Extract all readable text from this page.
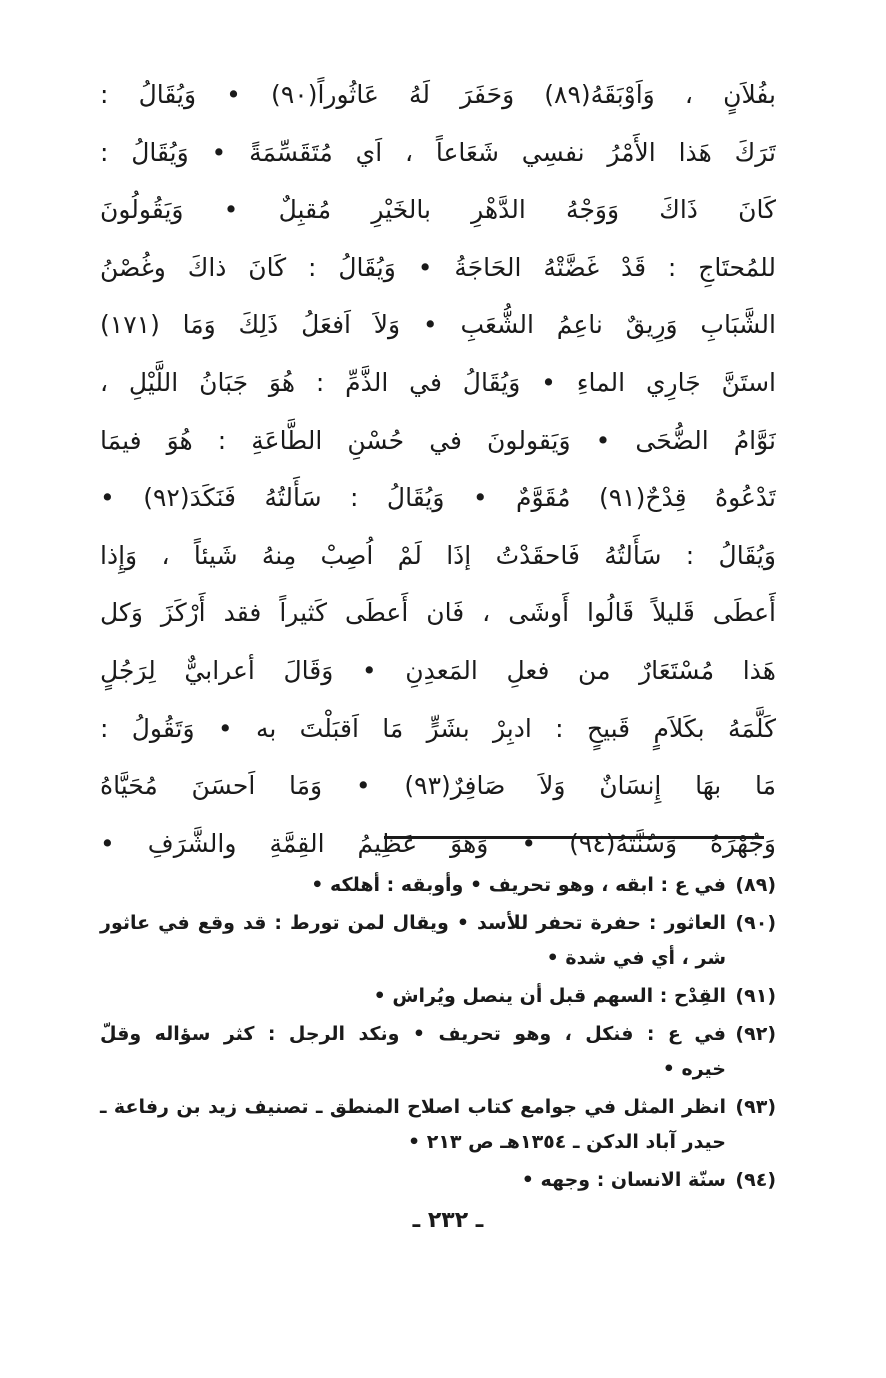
بفُلاَنٍ ، وَاَوْبَقَهُ(٨٩) وَحَفَرَ لَهُ عَاثُوراً(٩٠) • وَيُقَالُ :
تَرَكَ هَذا الأَمْرُ نفسِي شَعَاعاً ، اَي مُتَقَسِّمَةً • وَيُقَالُ :
كَانَ ذَاكَ وَوَجْهُ الدَّهْرِ بالخَيْرِ مُقبِلٌ • وَيَقُولُونَ
للمُحتَاجِ : قَدْ غَضَّتْهُ الحَاجَةُ • وَيُقَالُ : كَانَ ذاكَ وغُصْنُ
الشَّبَابِ وَرِيقٌ ناعِمُ الشُّعَبِ • وَلاَ اَفعَلُ ذَلِكَ وَمَا (١٧١)
استَنَّ جَارِي الماءِ • وَيُقَالُ في الذَّمِّ : هُوَ جَبَانُ اللَّيْلِ ،
نَوَّامُ الضُّحَى • وَيَقولونَ في حُسْنِ الطَّاعَةِ : هُوَ فيمَا
تَدْعُوهُ قِدْحٌ(٩١) مُقَوَّمٌ • وَيُقَالُ : سَأَلتُهُ فَنَكَدَ(٩٢) •
وَيُقَالُ : سَأَلتُهُ فَاحقَدْتُ إذَا لَمْ اُصِبْ مِنهُ شَيئاً ، وَإِذا
أَعطَى قَليلاً قَالُوا أَوشَى ، فَان أَعطَى كَثيراً فقد أَرْكَزَ وَكل
هَذا مُسْتَعَارٌ من فعلِ المَعدِنِ • وَقَالَ أعرابيٌّ لِرَجُلٍ
كَلَّمَهُ بكَلاَمٍ قَبيحٍ : ادبِرْ بشَرٍّ مَا اَقبَلْتَ به • وَتَقُولُ :
مَا بهَا إِنسَانٌ وَلاَ صَافِرٌ(٩٣) • وَمَا اَحسَنَ مُحَيَّاهُ
وَجُهْرَهُ وَسُنَّتَهُ(٩٤) • وَهوَ عَظِيمُ القِمَّةِ والشَّرَفِ •
(٨٩)
في ع : ابقه ، وهو تحريف • وأوبقه : أهلكه •
(٩٠)
العاثور : حفرة تحفر للأسد • ويقال لمن تورط : قد وقع في عاثور
شر ، أي في شدة •
(٩١)
القِدْح : السهم قبل أن ينصل ويُراش •
(٩٢)
في ع : فنكل ، وهو تحريف • ونكد الرجل : كثر سؤاله وقلّ
خيره •
(٩٣)
انظر المثل في جوامع كتاب اصلاح المنطق ـ تصنيف زيد بن رفاعة ـ
حيدر آباد الدكن ـ ١٣٥٤هـ ص ٢١٣ •
(٩٤)
سنّة الانسان : وجهه •
ـ ٢٣٢ ـ
